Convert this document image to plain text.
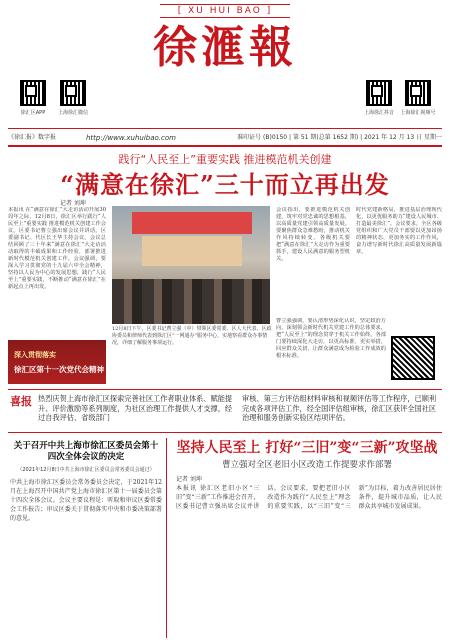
[ XU HUI BAO ]
徐滙報
徐汇区APP	上海徐汇微信	上海徐汇抖音	上海徐汇视频号
《徐汇报》数字报	http://www.xuhuibao.com	准印证号 (B)0150 | 第 51 期(总第 1652 期) | 2021 年 12 月 13 日 星期一
践行“人民至上”重要实践 推进模范机关创建
“满意在徐汇”三十而立再出发
记者 刘坤
本报讯 在“满意在徐汇”大走访活动开展30周年之际，12月8日，徐汇区举行践行“人民至上”重要实践 推进模范机关创建工作会议。区委书记曹立强出席会议并讲话。区委副书记、代区长王华主持会议。会议总结回顾了三十年来“满意在徐汇”大走访活动取得的丰硕成果和工作经验，部署推进新时代模范机关创建工作。会议强调，要深入学习贯彻党的十九届六中全会精神，坚持以人民为中心的发展思想，践行“人民至上”重要实践，不断推动“满意在徐汇”在新起点上再出发。
会议指出，要推进模范机关创建，筑牢对党忠诚的思想根基，以高质量党建引领高质量发展。要聚焦群众急难愁盼，推动机关作风持续转变。各级机关要把“满意在徐汇”大走访作为重要抓手，建设人民满意的服务型机关。
时代党建新格局，推进基层治理现代化，以更优服务助力“建设人民城市、打造最美徐汇”。会议要求，全区各级党组织和广大党员干部要以更加昂扬的精神状态、更加务实的工作作风，奋力谱写新时代徐汇高质量发展新篇章。
12月8日下午，区委书记曹立强（中）带领区委常委、区人大代表、区政协委员和律师代表到徐汇区“一网通办”服务中心，实地察看群众办事情况，详细了解服务事项运行。
曹立强强调，要认清形势深化认识，坚定政治方向，深刻领会新时代机关党建工作的总体要求，把“人民至上”的理念贯穿于机关工作始终。各部门要持续深化大走访，以更高标准、更实举措，回应群众关切，让群众满意成为检验工作成效的根本标准。
深入贯彻落实
徐汇区第十一次党代会精神
喜报 热烈庆贺上海市徐汇区探索完善社区工作者职业体系、赋能提升、评价激励等系列制度，为社区治理工作提供人才支撑，经过自我评估、省级部门
审核、第三方评估组材料审核和视频评估等工作程序，已顺利完成各项评估工作，经全国评估组审核，徐汇区获评全国社区治理和服务创新实验区结项评估。
关于召开中共上海市徐汇区委员会第十四次全体会议的决定
（2021年12月8日中共上海市徐汇区委员会常务委员会通过）
中共上海市徐汇区委员会常务委员会决定，于2021年12月在上海召开中国共产党上海市徐汇区第十一届委员会第十四次全体会议。会议主要议程是：听取和审议区委常委会工作报告；审议区委关于贯彻落实中央和市委决策部署的意见。
坚持人民至上 打好“三旧”变“三新”攻坚战
曹立强对全区老旧小区改造工作提要求作部署
记者 刘坤
本报讯 徐汇区老旧小区“三旧”变“三新”工作推进会召开，区委书记曹立强出席会议并讲话。会议要求，要把老旧小区改造作为践行“人民至上”理念的重要实践，以“三旧”变“三新”为目标，着力改善居民居住条件，提升城市品质，让人民群众共享城市发展成果。
